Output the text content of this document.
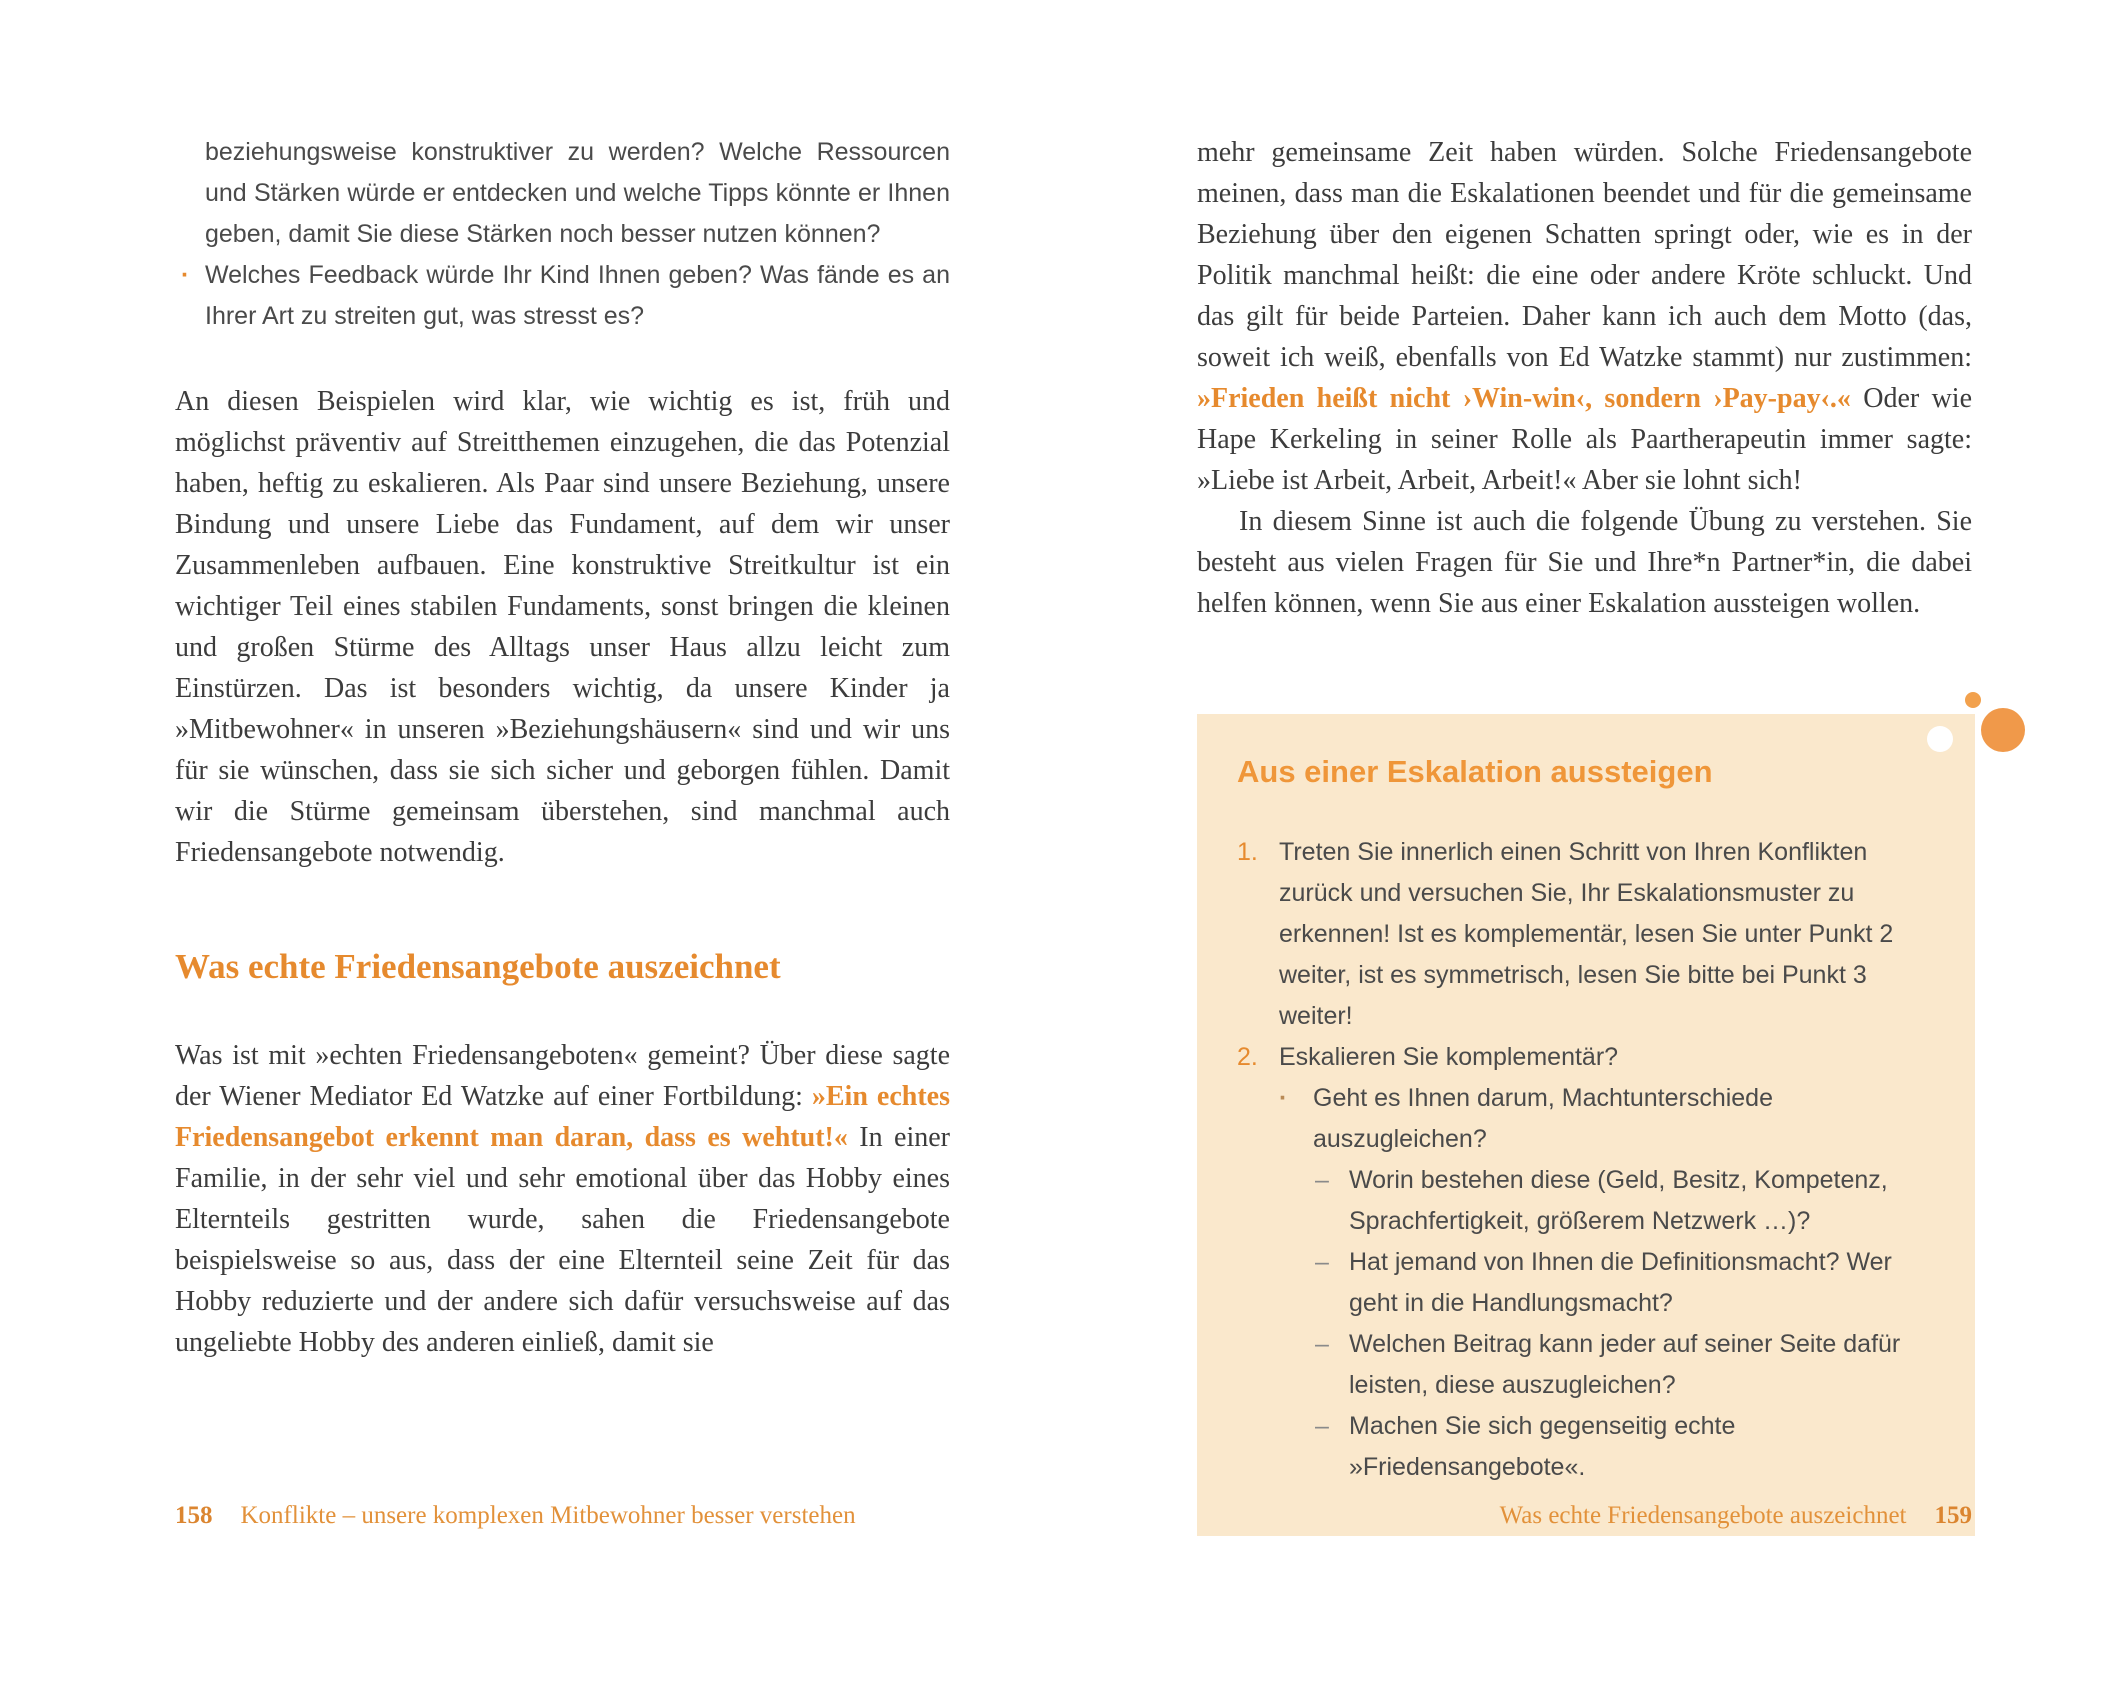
beziehungsweise konstruktiver zu werden? Welche Ressourcen und Stärken würde er entdecken und welche Tipps könnte er Ihnen geben, damit Sie diese Stärken noch besser nutzen können?
· Welches Feedback würde Ihr Kind Ihnen geben? Was fände es an Ihrer Art zu streiten gut, was stresst es?

An diesen Beispielen wird klar, wie wichtig es ist, früh und möglichst präventiv auf Streitthemen einzugehen, die das Potenzial haben, heftig zu eskalieren. Als Paar sind unsere Beziehung, unsere Bindung und unsere Liebe das Fundament, auf dem wir unser Zusammenleben aufbauen. Eine konstruktive Streitkultur ist ein wichtiger Teil eines stabilen Fundaments, sonst bringen die kleinen und großen Stürme des Alltags unser Haus allzu leicht zum Einstürzen. Das ist besonders wichtig, da unsere Kinder ja »Mitbewohner« in unseren »Beziehungshäusern« sind und wir uns für sie wünschen, dass sie sich sicher und geborgen fühlen. Damit wir die Stürme gemeinsam überstehen, sind manchmal auch Friedensangebote notwendig.

Was echte Friedensangebote auszeichnet

Was ist mit »echten Friedensangeboten« gemeint? Über diese sagte der Wiener Mediator Ed Watzke auf einer Fortbildung: »Ein echtes Friedensangebot erkennt man daran, dass es wehtut!« In einer Familie, in der sehr viel und sehr emotional über das Hobby eines Elternteils gestritten wurde, sahen die Friedensangebote beispielsweise so aus, dass der eine Elternteil seine Zeit für das Hobby reduzierte und der andere sich dafür versuchsweise auf das ungeliebte Hobby des anderen einließ, damit sie

158 Konflikte – unsere komplexen Mitbewohner besser verstehen

mehr gemeinsame Zeit haben würden. Solche Friedensangebote meinen, dass man die Eskalationen beendet und für die gemeinsame Beziehung über den eigenen Schatten springt oder, wie es in der Politik manchmal heißt: die eine oder andere Kröte schluckt. Und das gilt für beide Parteien. Daher kann ich auch dem Motto (das, soweit ich weiß, ebenfalls von Ed Watzke stammt) nur zustimmen: »Frieden heißt nicht ›Win-win‹, sondern ›Pay-pay‹.« Oder wie Hape Kerkeling in seiner Rolle als Paartherapeutin immer sagte: »Liebe ist Arbeit, Arbeit, Arbeit!« Aber sie lohnt sich!

In diesem Sinne ist auch die folgende Übung zu verstehen. Sie besteht aus vielen Fragen für Sie und Ihre*n Partner*in, die dabei helfen können, wenn Sie aus einer Eskalation aussteigen wollen.

Aus einer Eskalation aussteigen
1. Treten Sie innerlich einen Schritt von Ihren Konflikten zurück und versuchen Sie, Ihr Eskalationsmuster zu erkennen! Ist es komplementär, lesen Sie unter Punkt 2 weiter, ist es symmetrisch, lesen Sie bitte bei Punkt 3 weiter!
2. Eskalieren Sie komplementär?
· Geht es Ihnen darum, Machtunterschiede auszugleichen?
– Worin bestehen diese (Geld, Besitz, Kompetenz, Sprachfertigkeit, größerem Netzwerk …)?
– Hat jemand von Ihnen die Definitionsmacht? Wer geht in die Handlungsmacht?
– Welchen Beitrag kann jeder auf seiner Seite dafür leisten, diese auszugleichen?
– Machen Sie sich gegenseitig echte »Friedensangebote«.
Was echte Friedensangebote auszeichnet 159
